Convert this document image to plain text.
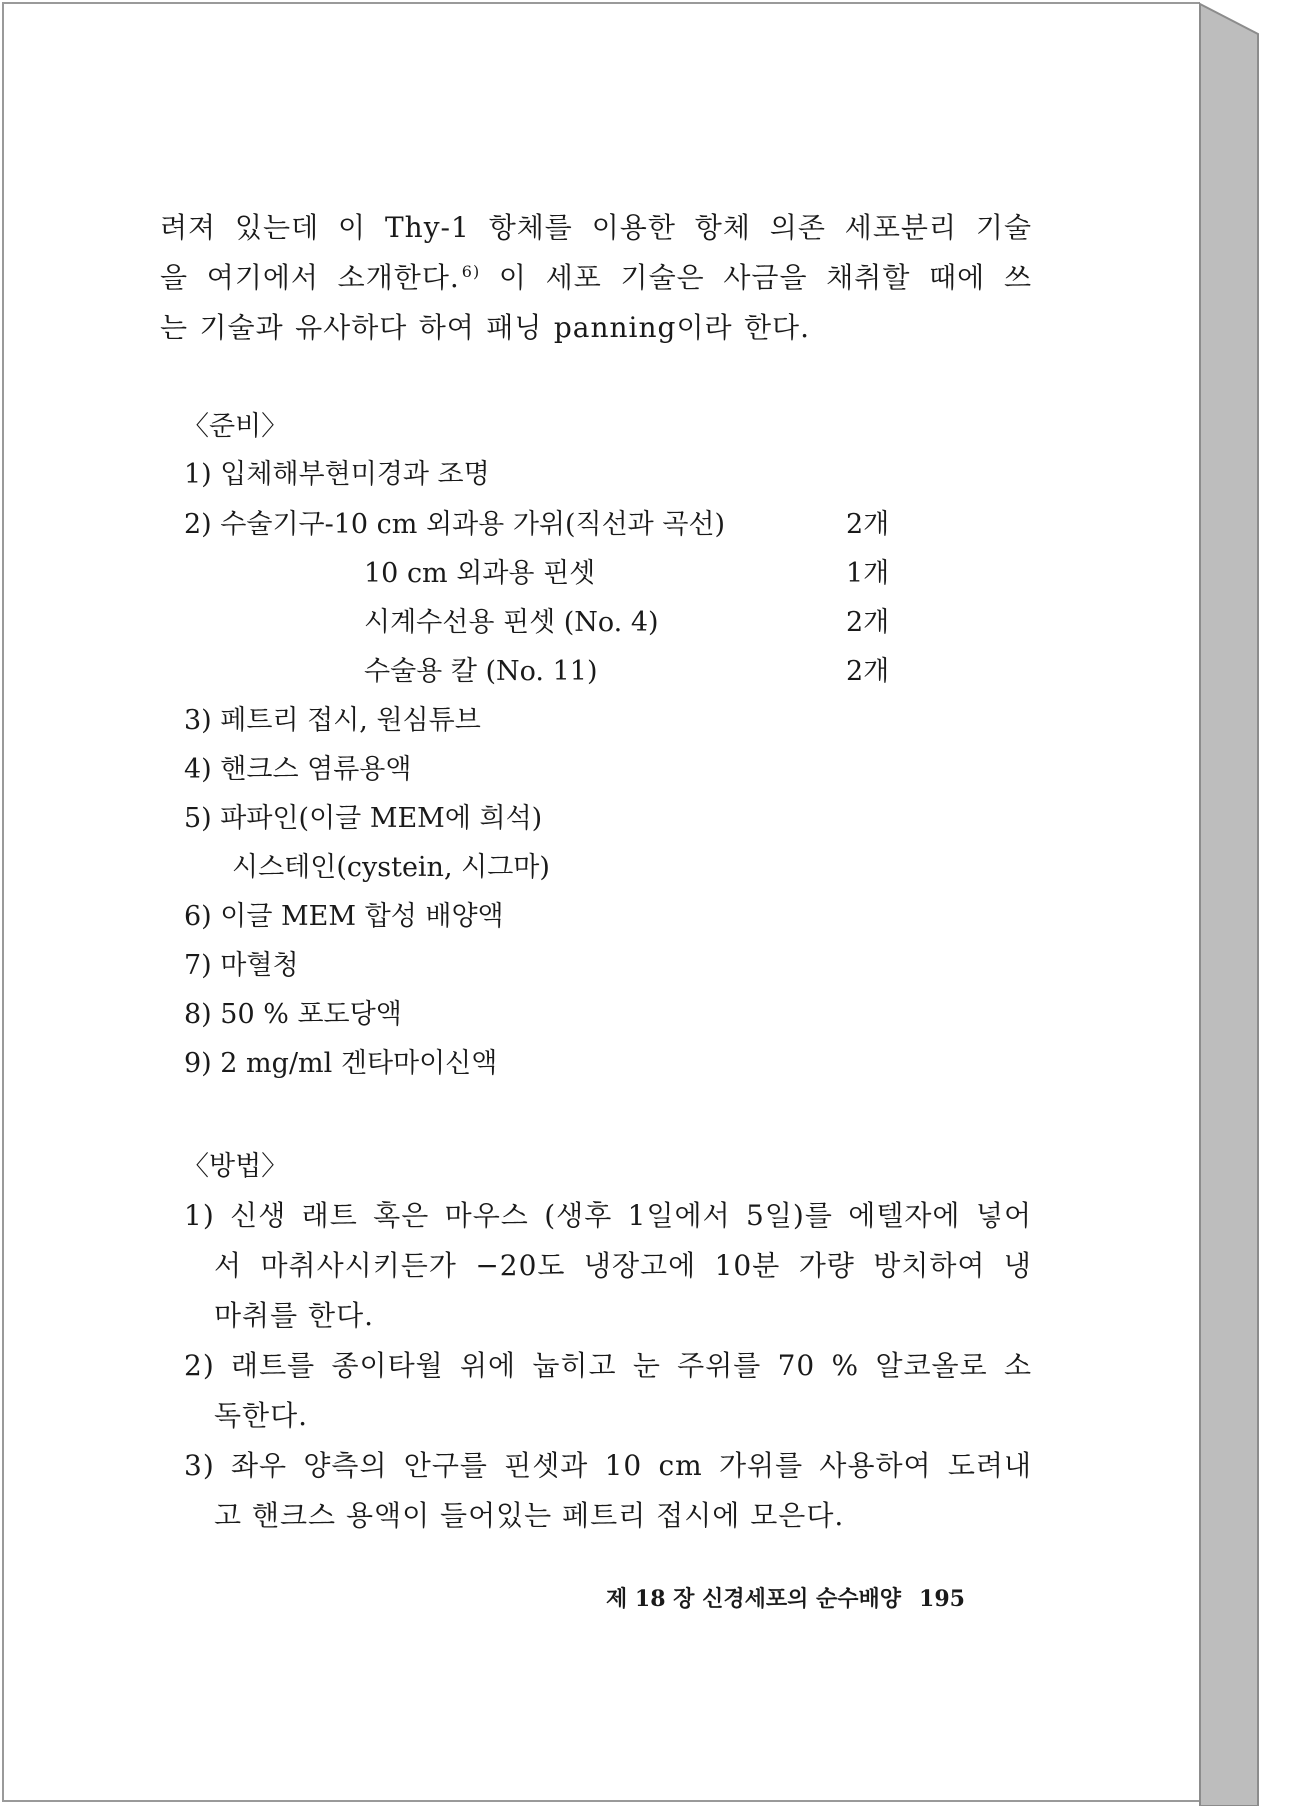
려져 있는데 이 Thy-1 항체를 이용한 항체 의존 세포분리 기술
을 여기에서 소개한다. $^{6)}$ 이 세포 기술은 사금을 채취할 때에 쓰
는 기술과 유사하다 하여 패닝 panning이라 한다.
〈준비〉
1) 입체해부현미경과 조명
2) 수술기구-10 cm 외과용 가위(직선과 곡선)	2개
10 cm 외과용 핀셋	1개
시계수선용 핀셋 (No. 4)	2개
수술용 칼 (No. 11)	2개
3) 페트리 접시, 원심튜브
4) 핸크스 염류용액
5) 파파인(이글 MEM에 희석)
시스테인(cystein, 시그마)
6) 이글 MEM 합성 배양액
7) 마혈청
8) 50 % 포도당액
9) 2 mg/ml 겐타마이신액
〈방법〉
1) 신생 래트 혹은 마우스 (생후 1일에서 5일)를 에텔자에 넣어
서 마취사시키든가 −20도 냉장고에 10분 가량 방치하여 냉
마취를 한다.
2) 래트를 종이타월 위에 눕히고 눈 주위를 70 % 알코올로 소
독한다.
3) 좌우 양측의 안구를 핀셋과 10 cm 가위를 사용하여 도려내
고 핸크스 용액이 들어있는 페트리 접시에 모은다.
제 18 장 신경세포의 순수배양 195
